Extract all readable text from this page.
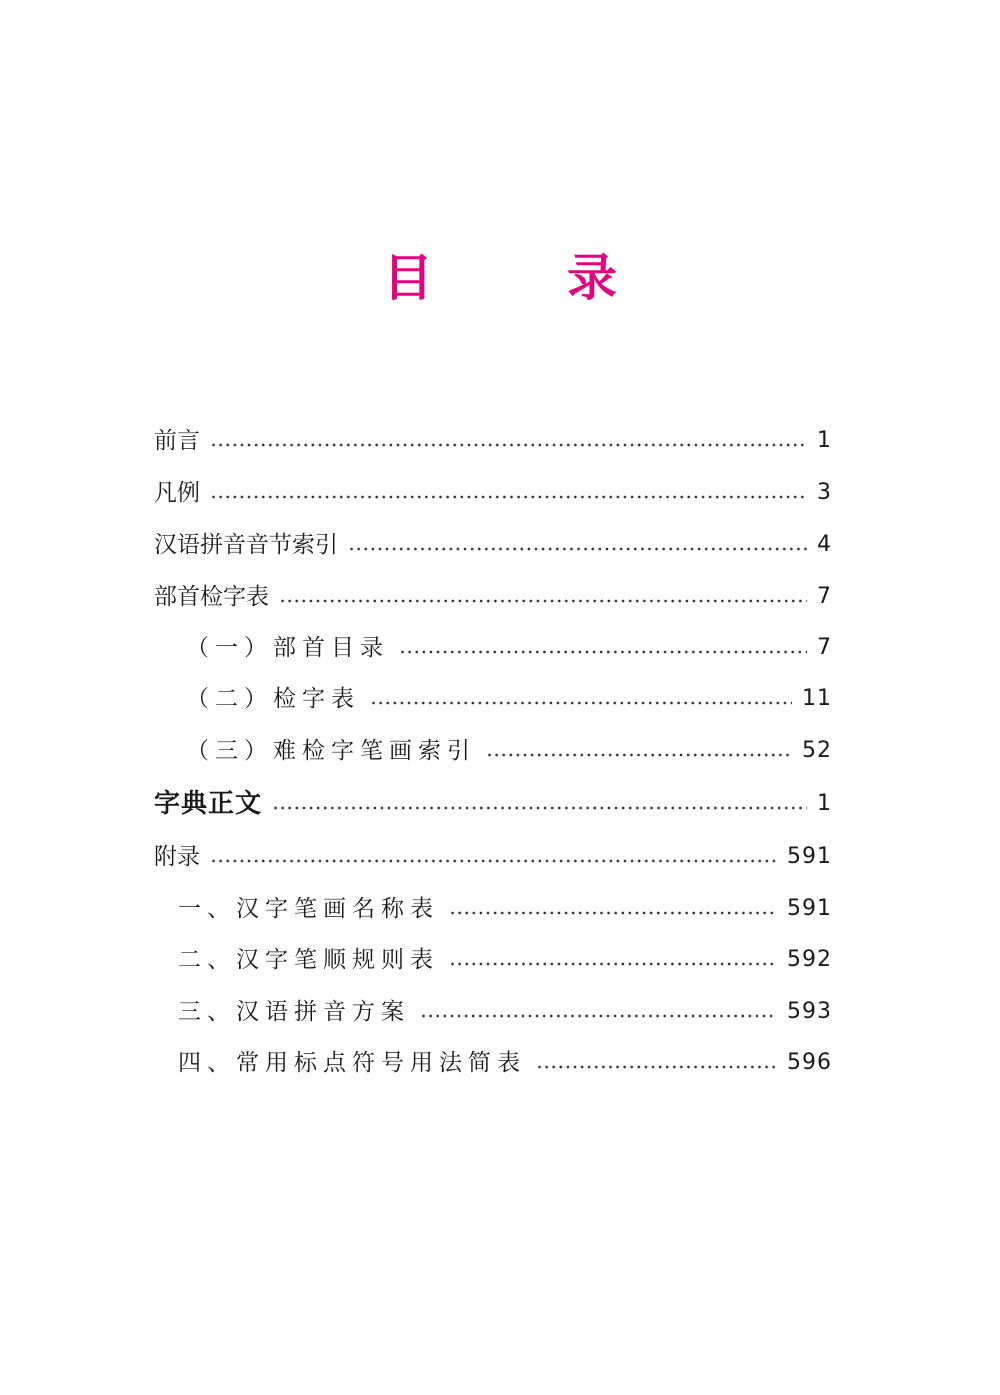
目　录
前言	1
凡例	3
汉语拼音音节索引	4
部首检字表	7
（一）部首目录	7
（二）检字表	11
（三）难检字笔画索引	52
字典正文	1
附录	591
一、汉字笔画名称表	591
二、汉字笔顺规则表	592
三、汉语拼音方案	593
四、常用标点符号用法简表	596
